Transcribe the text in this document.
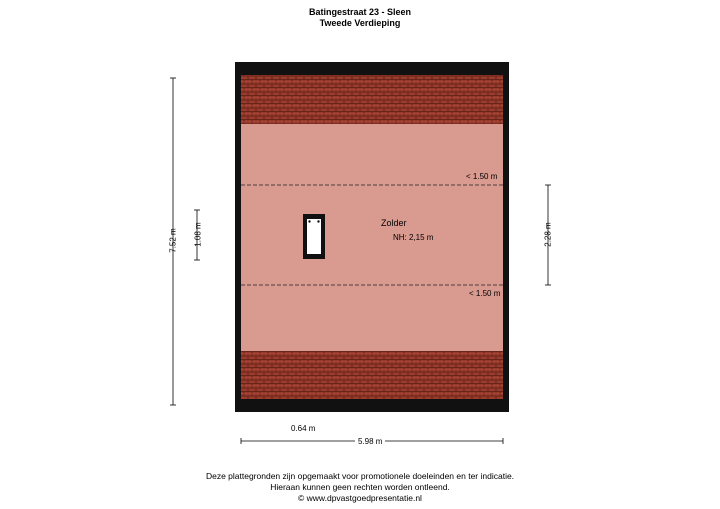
Batingestraat 23 - Sleen
Tweede Verdieping
Zolder
NH: 2,15 m
< 1.50 m
< 1.50 m
7.52 m 1.08 m	2.28 m
0.64 m
5.98 m
Deze plattegronden zijn opgemaakt voor promotionele doeleinden en ter indicatie.
Hieraan kunnen geen rechten worden ontleend.
© www.dpvastgoedpresentatie.nl
